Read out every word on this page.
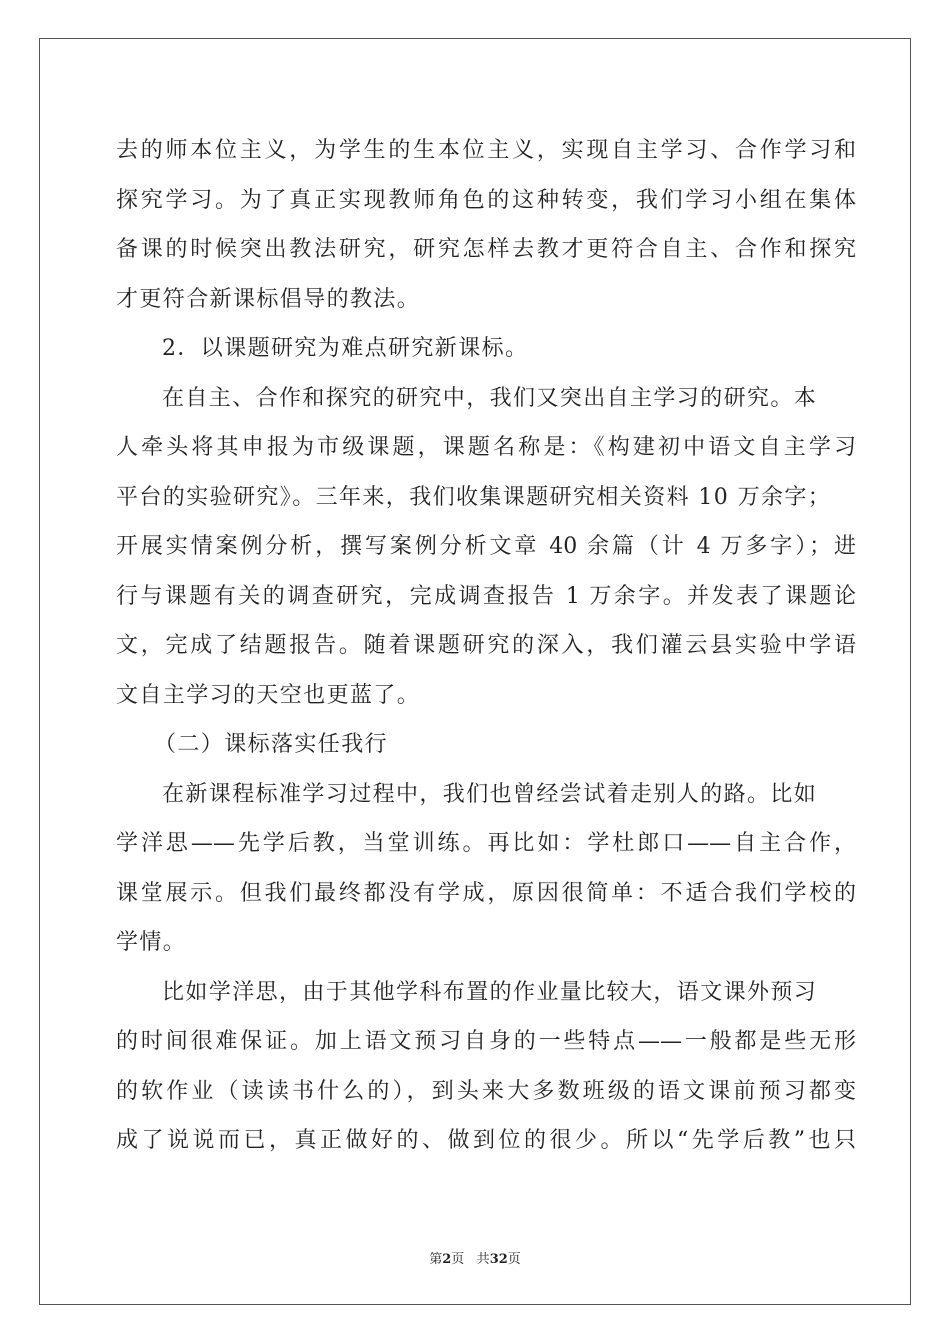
去的师本位主义，为学生的生本位主义，实现自主学习、合作学习和
探究学习。为了真正实现教师角色的这种转变，我们学习小组在集体
备课的时候突出教法研究，研究怎样去教才更符合自主、合作和探究
才更符合新课标倡导的教法。
2．以课题研究为难点研究新课标。
在自主、合作和探究的研究中，我们又突出自主学习的研究。本
人牵头将其申报为市级课题，课题名称是：《构建初中语文自主学习
平台的实验研究》。三年来，我们收集课题研究相关资料 10 万余字；
开展实情案例分析，撰写案例分析文章 40 余篇（计 4 万多字）；进
行与课题有关的调查研究，完成调查报告 1 万余字。并发表了课题论
文，完成了结题报告。随着课题研究的深入，我们灌云县实验中学语
文自主学习的天空也更蓝了。
（二）课标落实任我行
在新课程标准学习过程中，我们也曾经尝试着走别人的路。比如
学洋思——先学后教，当堂训练。再比如：学杜郎口——自主合作，
课堂展示。但我们最终都没有学成，原因很简单：不适合我们学校的
学情。
比如学洋思，由于其他学科布置的作业量比较大，语文课外预习
的时间很难保证。加上语文预习自身的一些特点——一般都是些无形
的软作业（读读书什么的），到头来大多数班级的语文课前预习都变
成了说说而已，真正做好的、做到位的很少。所以“先学后教”也只
第2页 共32页
